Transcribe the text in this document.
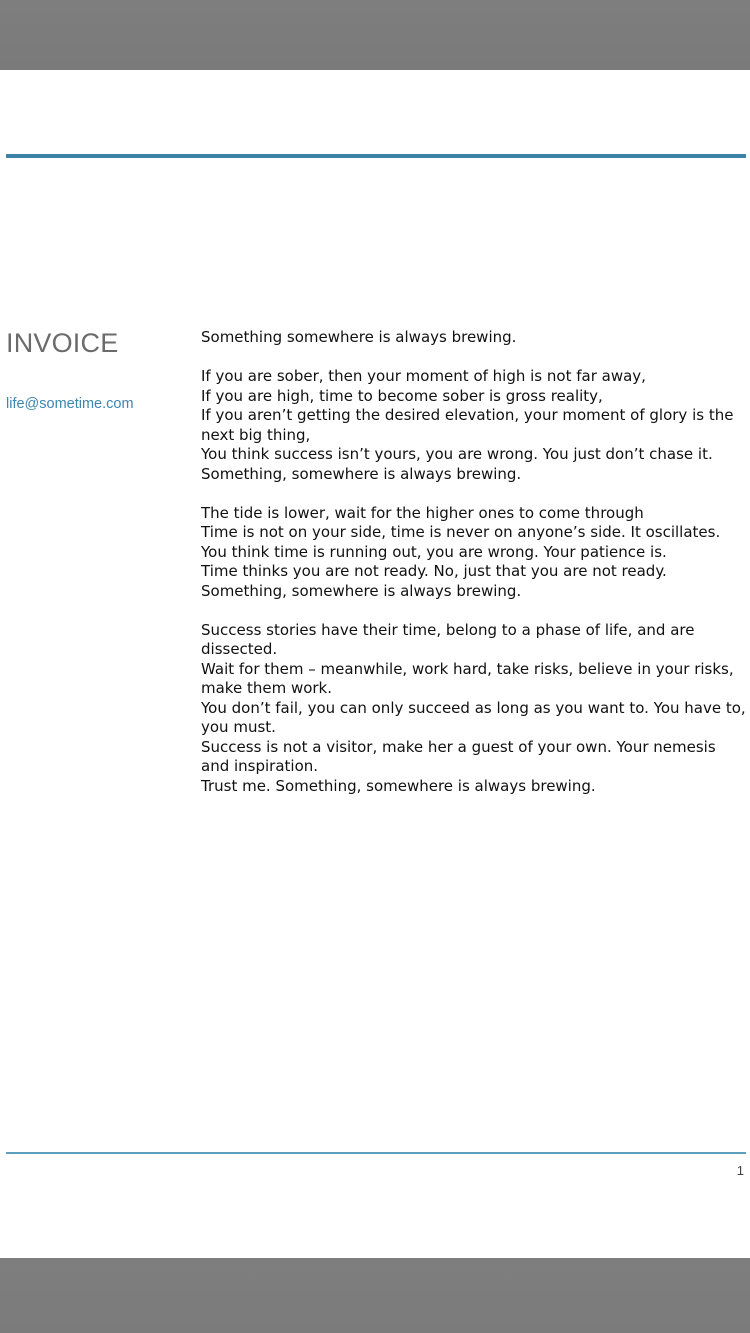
INVOICE
life@sometime.com
Something somewhere is always brewing.
If you are sober, then your moment of high is not far away,
If you are high, time to become sober is gross reality,
If you aren’t getting the desired elevation, your moment of glory is the next big thing,
You think success isn’t yours, you are wrong. You just don’t chase it.
Something, somewhere is always brewing.
The tide is lower, wait for the higher ones to come through
Time is not on your side, time is never on anyone’s side. It oscillates.
You think time is running out, you are wrong. Your patience is.
Time thinks you are not ready. No, just that you are not ready.
Something, somewhere is always brewing.
Success stories have their time, belong to a phase of life, and are dissected.
Wait for them – meanwhile, work hard, take risks, believe in your risks, make them work.
You don’t fail, you can only succeed as long as you want to. You have to, you must.
Success is not a visitor, make her a guest of your own. Your nemesis and inspiration.
Trust me. Something, somewhere is always brewing.
1
